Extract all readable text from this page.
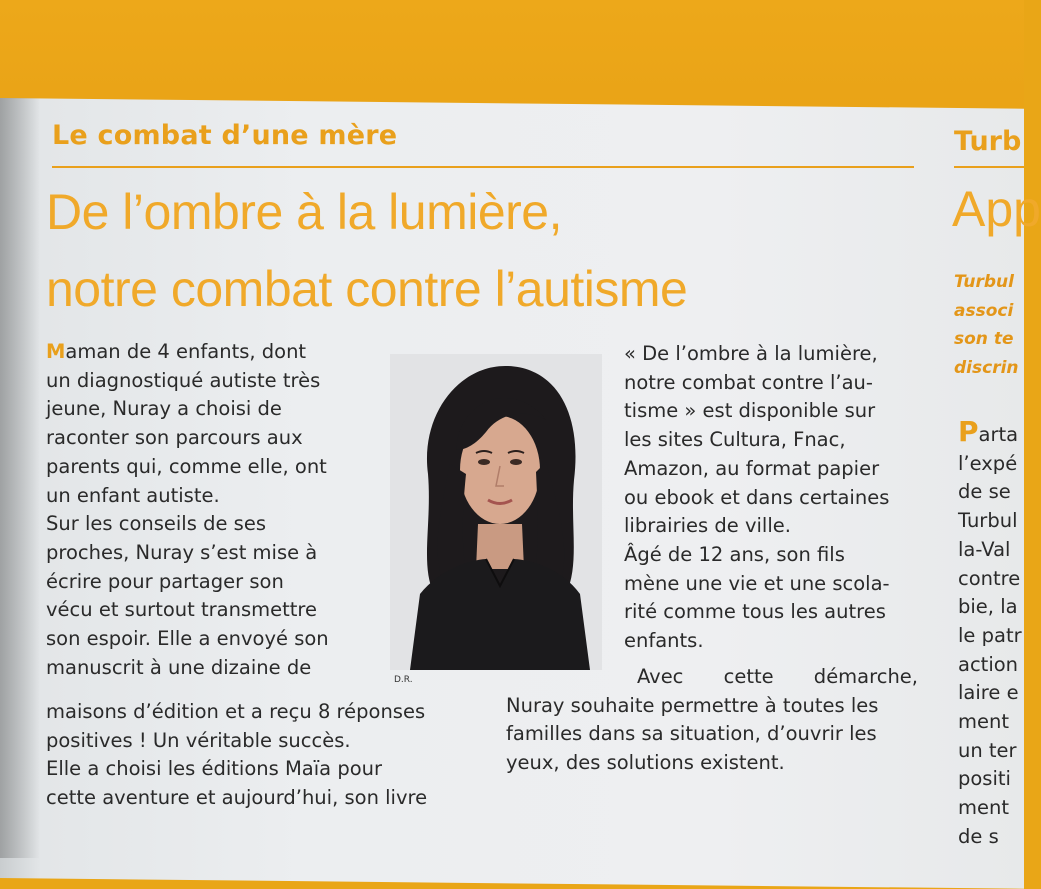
Le combat d’une mère
De l’ombre à la lumière,
notre combat contre l’autisme

Maman de 4 enfants, dont

un diagnostiqué autiste très

jeune, Nuray a choisi de

raconter son parcours aux

parents qui, comme elle, ont

un enfant autiste.

Sur les conseils de ses

proches, Nuray s’est mise à

écrire pour partager son

vécu et surtout transmettre

son espoir. Elle a envoyé son

manuscrit à une dizaine de

maisons d’édition et a reçu 8 réponses

positives ! Un véritable succès.

Elle a choisi les éditions Maïa pour

cette aventure et aujourd’hui, son livre

D.R.

« De l’ombre à la lumière,

notre combat contre l’au-

tisme » est disponible sur

les sites Cultura, Fnac,

Amazon, au format papier

ou ebook et dans certaines

librairies de ville.

Âgé de 12 ans, son fils

mène une vie et une scola-

rité comme tous les autres

enfants.

Avec cette démarche,

Nuray souhaite permettre à toutes les

familles dans sa situation, d’ouvrir les

yeux, des solutions existent.

Turb
App
Turbul
associ
son te
discrin
Parta
l’expé
de se
Turbul
la-Val
contre
bie, la
le patr
action
laire e
ment
un ter
positi
ment
de s
